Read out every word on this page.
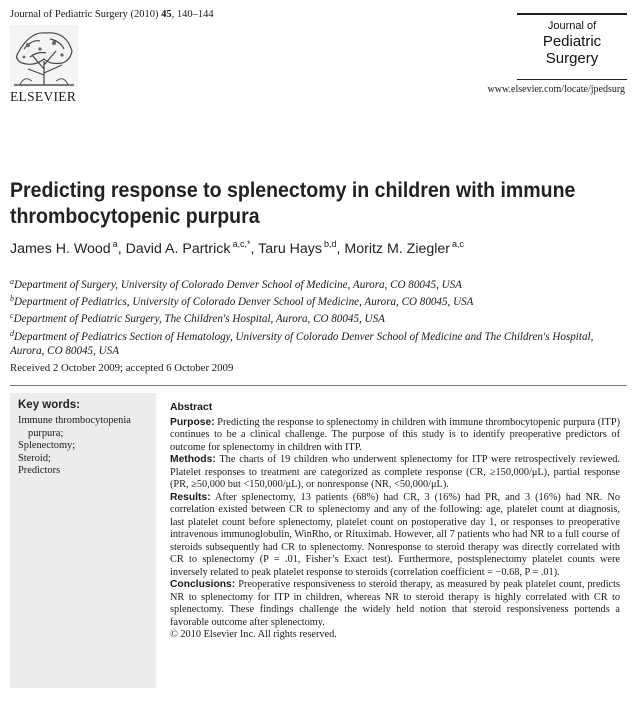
Journal of Pediatric Surgery (2010) 45, 140–144
ELSEVIER
Journal of
Pediatric
Surgery
www.elsevier.com/locate/jpedsurg
Predicting response to splenectomy in children with immune thrombocytopenic purpura
James H. Wood $^a$, David A. Partrick $^{a,c,*}$, Taru Hays $^{b,d}$, Moritz M. Ziegler $^{a,c}$
$^a$Department of Surgery, University of Colorado Denver School of Medicine, Aurora, CO 80045, USA
$^b$Department of Pediatrics, University of Colorado Denver School of Medicine, Aurora, CO 80045, USA
$^c$Department of Pediatric Surgery, The Children's Hospital, Aurora, CO 80045, USA
$^d$Department of Pediatrics Section of Hematology, University of Colorado Denver School of Medicine and The Children's Hospital, Aurora, CO 80045, USA
Received 2 October 2009; accepted 6 October 2009
Key words:
Immune thrombocytopenia
purpura;
Splenectomy;
Steroid;
Predictors
Abstract

Purpose: Predicting the response to splenectomy in children with immune thrombocytopenic purpura (ITP) continues to be a clinical challenge. The purpose of this study is to identify preoperative predictors of outcome for splenectomy in children with ITP.

Methods: The charts of 19 children who underwent splenectomy for ITP were retrospectively reviewed. Platelet responses to treatment are categorized as complete response (CR, ≥150,000/μL), partial response (PR, ≥50,000 but <150,000/μL), or nonresponse (NR, <50,000/μL).

Results: After splenectomy, 13 patients (68%) had CR, 3 (16%) had PR, and 3 (16%) had NR. No correlation existed between CR to splenectomy and any of the following: age, platelet count at diagnosis, last platelet count before splenectomy, platelet count on postoperative day 1, or responses to preoperative intravenous immunoglobulin, WinRho, or Rituximab. However, all 7 patients who had NR to a full course of steroids subsequently had CR to splenectomy. Nonresponse to steroid therapy was directly correlated with CR to splenectomy (P = .01, Fisher’s Exact test). Furthermore, postsplenectomy platelet counts were inversely related to peak platelet response to steroids (correlation coefficient = −0.68, P = .01).

Conclusions: Preoperative responsiveness to steroid therapy, as measured by peak platelet count, predicts NR to splenectomy for ITP in children, whereas NR to steroid therapy is highly correlated with CR to splenectomy. These findings challenge the widely held notion that steroid responsiveness portends a favorable outcome after splenectomy.

© 2010 Elsevier Inc. All rights reserved.
